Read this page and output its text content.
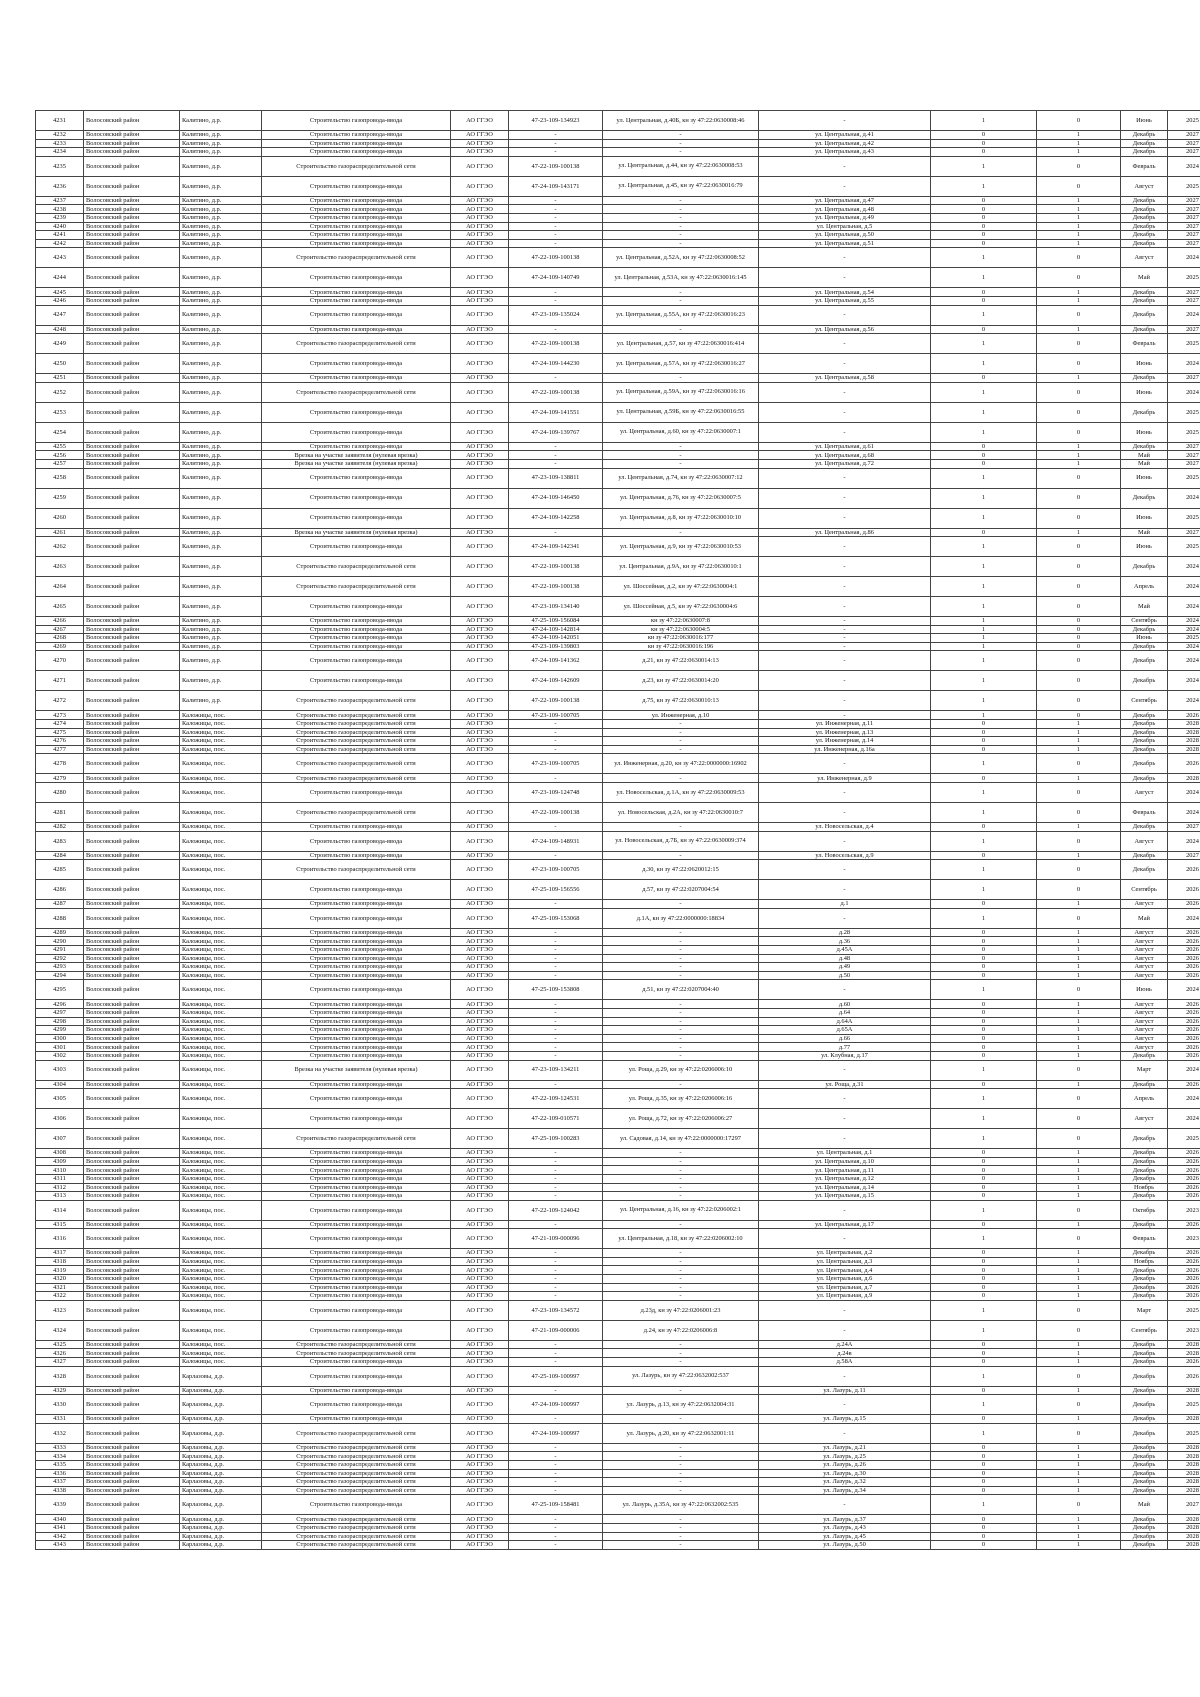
4231	Волосовский район	Калитино, д.р.	Строительство газопровода-ввода	АО ГГЭО	47-23-109-134923	ул. Центральная, д.40Б, кн зу 47:22:0630008:46	-	1	0	Июнь	2025
4232	Волосовский район	Калитино, д.р.	Строительство газопровода-ввода	АО ГГЭО	-	-	ул. Центральная, д.41	0	1	Декабрь	2027
4233	Волосовский район	Калитино, д.р.	Строительство газопровода-ввода	АО ГГЭО	-	-	ул. Центральная, д.42	0	1	Декабрь	2027
4234	Волосовский район	Калитино, д.р.	Строительство газопровода-ввода	АО ГГЭО	-	-	ул. Центральная, д.43	0	1	Декабрь	2027
4235	Волосовский район	Калитино, д.р.	Строительство газораспределительной сети	АО ГГЭО	47-22-109-100138	ул. Центральная, д.44, кн зу 47:22:0630008:53	-	1	0	Февраль	2024
4236	Волосовский район	Калитино, д.р.	Строительство газопровода-ввода	АО ГГЭО	47-24-109-143171	ул. Центральная, д.45, кн зу 47:22:0630016:79	-	1	0	Август	2025
4237	Волосовский район	Калитино, д.р.	Строительство газопровода-ввода	АО ГГЭО	-	-	ул. Центральная, д.47	0	1	Декабрь	2027
4238	Волосовский район	Калитино, д.р.	Строительство газопровода-ввода	АО ГГЭО	-	-	ул. Центральная, д.48	0	1	Декабрь	2027
4239	Волосовский район	Калитино, д.р.	Строительство газопровода-ввода	АО ГГЭО	-	-	ул. Центральная, д.49	0	1	Декабрь	2027
4240	Волосовский район	Калитино, д.р.	Строительство газопровода-ввода	АО ГГЭО	-	-	ул. Центральная, д.5	0	1	Декабрь	2027
4241	Волосовский район	Калитино, д.р.	Строительство газопровода-ввода	АО ГГЭО	-	-	ул. Центральная, д.50	0	1	Декабрь	2027
4242	Волосовский район	Калитино, д.р.	Строительство газопровода-ввода	АО ГГЭО	-	-	ул. Центральная, д.51	0	1	Декабрь	2027
4243	Волосовский район	Калитино, д.р.	Строительство газораспределительной сети	АО ГГЭО	47-22-109-100138	ул. Центральная, д.52А, кн зу 47:22:0630008:52	-	1	0	Август	2024
4244	Волосовский район	Калитино, д.р.	Строительство газопровода-ввода	АО ГГЭО	47-24-109-140749	ул. Центральная, д.53А, кн зу 47:22:0630016:145	-	1	0	Май	2025
4245	Волосовский район	Калитино, д.р.	Строительство газопровода-ввода	АО ГГЭО	-	-	ул. Центральная, д.54	0	1	Декабрь	2027
4246	Волосовский район	Калитино, д.р.	Строительство газопровода-ввода	АО ГГЭО	-	-	ул. Центральная, д.55	0	1	Декабрь	2027
4247	Волосовский район	Калитино, д.р.	Строительство газопровода-ввода	АО ГГЭО	47-23-109-135024	ул. Центральная, д.55А, кн зу 47:22:0630016:23	-	1	0	Декабрь	2024
4248	Волосовский район	Калитино, д.р.	Строительство газопровода-ввода	АО ГГЭО	-	-	ул. Центральная, д.56	0	1	Декабрь	2027
4249	Волосовский район	Калитино, д.р.	Строительство газораспределительной сети	АО ГГЭО	47-22-109-100138	ул. Центральная, д.57, кн зу 47:22:0630016:414	-	1	0	Февраль	2025
4250	Волосовский район	Калитино, д.р.	Строительство газопровода-ввода	АО ГГЭО	47-24-109-144230	ул. Центральная, д.57А, кн зу 47:22:0630016:27	-	1	0	Июнь	2024
4251	Волосовский район	Калитино, д.р.	Строительство газопровода-ввода	АО ГГЭО	-	-	ул. Центральная, д.58	0	1	Декабрь	2027
4252	Волосовский район	Калитино, д.р.	Строительство газораспределительной сети	АО ГГЭО	47-22-109-100138	ул. Центральная, д.59А, кн зу 47:22:0630016:16	-	1	0	Июнь	2024
4253	Волосовский район	Калитино, д.р.	Строительство газопровода-ввода	АО ГГЭО	47-24-109-141551	ул. Центральная, д.59Б, кн зу 47:22:0630016:55	-	1	0	Декабрь	2025
4254	Волосовский район	Калитино, д.р.	Строительство газопровода-ввода	АО ГГЭО	47-24-109-139767	ул. Центральная, д.60, кн зу 47:22:0630007:1	-	1	0	Июнь	2025
4255	Волосовский район	Калитино, д.р.	Строительство газопровода-ввода	АО ГГЭО	-	-	ул. Центральная, д.61	0	1	Декабрь	2027
4256	Волосовский район	Калитино, д.р.	Врезка на участке заявителя (нулевая врезка)	АО ГГЭО	-	-	ул. Центральная, д.68	0	1	Май	2027
4257	Волосовский район	Калитино, д.р.	Врезка на участке заявителя (нулевая врезка)	АО ГГЭО	-	-	ул. Центральная, д.72	0	1	Май	2027
4258	Волосовский район	Калитино, д.р.	Строительство газопровода-ввода	АО ГГЭО	47-23-109-138811	ул. Центральная, д.74, кн зу 47:22:0630007:12	-	1	0	Июнь	2025
4259	Волосовский район	Калитино, д.р.	Строительство газопровода-ввода	АО ГГЭО	47-24-109-146450	ул. Центральная, д.76, кн зу 47:22:0630007:5	-	1	0	Декабрь	2024
4260	Волосовский район	Калитино, д.р.	Строительство газопровода-ввода	АО ГГЭО	47-24-109-142258	ул. Центральная, д.8, кн зу 47:22:0630010:10	-	1	0	Июнь	2025
4261	Волосовский район	Калитино, д.р.	Врезка на участке заявителя (нулевая врезка)	АО ГГЭО	-	-	ул. Центральная, д.86	0	1	Май	2027
4262	Волосовский район	Калитино, д.р.	Строительство газопровода-ввода	АО ГГЭО	47-24-109-142341	ул. Центральная, д.9, кн зу 47:22:0630010:53	-	1	0	Июнь	2025
4263	Волосовский район	Калитино, д.р.	Строительство газораспределительной сети	АО ГГЭО	47-22-109-100138	ул. Центральная, д.9А, кн зу 47:22:0630010:1	-	1	0	Декабрь	2024
4264	Волосовский район	Калитино, д.р.	Строительство газораспределительной сети	АО ГГЭО	47-22-109-100138	ул. Шоссейная, д.2, кн зу 47:22:0630004:1	-	1	0	Апрель	2024
4265	Волосовский район	Калитино, д.р.	Строительство газопровода-ввода	АО ГГЭО	47-23-109-134140	ул. Шоссейная, д.5, кн зу 47:22:0630004:6	-	1	0	Май	2024
4266	Волосовский район	Калитино, д.р.	Строительство газопровода-ввода	АО ГГЭО	47-25-109-156084	кн зу 47:22:0630007:8	-	1	0	Сентябрь	2024
4267	Волосовский район	Калитино, д.р.	Строительство газопровода-ввода	АО ГГЭО	47-24-109-142814	кн зу 47:22:0630004:5	-	1	0	Декабрь	2024
4268	Волосовский район	Калитино, д.р.	Строительство газопровода-ввода	АО ГГЭО	47-24-109-142051	кн зу 47:22:0630016:177	-	1	0	Июнь	2025
4269	Волосовский район	Калитино, д.р.	Строительство газопровода-ввода	АО ГГЭО	47-23-109-139803	кн зу 47:22:0630016:196	-	1	0	Декабрь	2024
4270	Волосовский район	Калитино, д.р.	Строительство газопровода-ввода	АО ГГЭО	47-24-109-141362	д.21, кн зу 47:22:0630014:13	-	1	0	Декабрь	2024
4271	Волосовский район	Калитино, д.р.	Строительство газопровода-ввода	АО ГГЭО	47-24-109-142609	д.23, кн зу 47:22:0630014:20	-	1	0	Декабрь	2024
4272	Волосовский район	Калитино, д.р.	Строительство газораспределительной сети	АО ГГЭО	47-22-109-100138	д.75, кн зу 47:22:0630010:13	-	1	0	Сентябрь	2024
4273	Волосовский район	Каложицы, пос.	Строительство газораспределительной сети	АО ГГЭО	47-23-109-100705	ул. Инженерная, д.10	-	1	0	Декабрь	2026
4274	Волосовский район	Каложицы, пос.	Строительство газораспределительной сети	АО ГГЭО	-	-	ул. Инженерная, д.11	0	1	Декабрь	2028
4275	Волосовский район	Каложицы, пос.	Строительство газораспределительной сети	АО ГГЭО	-	-	ул. Инженерная, д.13	0	1	Декабрь	2028
4276	Волосовский район	Каложицы, пос.	Строительство газораспределительной сети	АО ГГЭО	-	-	ул. Инженерная, д.14	0	1	Декабрь	2028
4277	Волосовский район	Каложицы, пос.	Строительство газораспределительной сети	АО ГГЭО	-	-	ул. Инженерная, д.16а	0	1	Декабрь	2028
4278	Волосовский район	Каложицы, пос.	Строительство газораспределительной сети	АО ГГЭО	47-23-109-100705	ул. Инженерная, д.20, кн зу 47:22:0000000:16902	-	1	0	Декабрь	2026
4279	Волосовский район	Каложицы, пос.	Строительство газораспределительной сети	АО ГГЭО	-	-	ул. Инженерная, д.9	0	1	Декабрь	2028
4280	Волосовский район	Каложицы, пос.	Строительство газопровода-ввода	АО ГГЭО	47-23-109-124748	ул. Новосельская, д.1А, кн зу 47:22:0630009:53	-	1	0	Август	2024
4281	Волосовский район	Каложицы, пос.	Строительство газораспределительной сети	АО ГГЭО	47-22-109-100138	ул. Новосельская, д.2А, кн зу 47:22:0630010:7	-	1	0	Февраль	2024
4282	Волосовский район	Каложицы, пос.	Строительство газопровода-ввода	АО ГГЭО	-	-	ул. Новосельская, д.4	0	1	Декабрь	2027
4283	Волосовский район	Каложицы, пос.	Строительство газопровода-ввода	АО ГГЭО	47-24-109-148931	ул. Новосельская, д.7Б, кн зу 47:22:0630009:374	-	1	0	Август	2024
4284	Волосовский район	Каложицы, пос.	Строительство газопровода-ввода	АО ГГЭО	-	-	ул. Новосельская, д.9	0	1	Декабрь	2027
4285	Волосовский район	Каложицы, пос.	Строительство газораспределительной сети	АО ГГЭО	47-23-109-100705	д.30, кн зу 47:22:0620012:15	-	1	0	Декабрь	2026
4286	Волосовский район	Каложицы, пос.	Строительство газопровода-ввода	АО ГГЭО	47-25-109-156556	д.57, кн зу 47:22:0207004:54	-	1	0	Сентябрь	2026
4287	Волосовский район	Каложицы, пос.	Строительство газопровода-ввода	АО ГГЭО	-	-	д.1	0	1	Август	2026
4288	Волосовский район	Каложицы, пос.	Строительство газопровода-ввода	АО ГГЭО	47-25-109-153068	д.1А, кн зу 47:22:0000000:18834	-	1	0	Май	2024
4289	Волосовский район	Каложицы, пос.	Строительство газопровода-ввода	АО ГГЭО	-	-	д.28	0	1	Август	2026
4290	Волосовский район	Каложицы, пос.	Строительство газопровода-ввода	АО ГГЭО	-	-	д.36	0	1	Август	2026
4291	Волосовский район	Каложицы, пос.	Строительство газопровода-ввода	АО ГГЭО	-	-	д.45А	0	1	Август	2026
4292	Волосовский район	Каложицы, пос.	Строительство газопровода-ввода	АО ГГЭО	-	-	д.48	0	1	Август	2026
4293	Волосовский район	Каложицы, пос.	Строительство газопровода-ввода	АО ГГЭО	-	-	д.49	0	1	Август	2026
4294	Волосовский район	Каложицы, пос.	Строительство газопровода-ввода	АО ГГЭО	-	-	д.50	0	1	Август	2026
4295	Волосовский район	Каложицы, пос.	Строительство газопровода-ввода	АО ГГЭО	47-25-109-153808	д.51, кн зу 47:22:0207004:40	-	1	0	Июнь	2024
4296	Волосовский район	Каложицы, пос.	Строительство газопровода-ввода	АО ГГЭО	-	-	д.60	0	1	Август	2026
4297	Волосовский район	Каложицы, пос.	Строительство газопровода-ввода	АО ГГЭО	-	-	д.64	0	1	Август	2026
4298	Волосовский район	Каложицы, пос.	Строительство газопровода-ввода	АО ГГЭО	-	-	д.64А	0	1	Август	2026
4299	Волосовский район	Каложицы, пос.	Строительство газопровода-ввода	АО ГГЭО	-	-	д.65А	0	1	Август	2026
4300	Волосовский район	Каложицы, пос.	Строительство газопровода-ввода	АО ГГЭО	-	-	д.66	0	1	Август	2026
4301	Волосовский район	Каложицы, пос.	Строительство газопровода-ввода	АО ГГЭО	-	-	д.77	0	1	Август	2026
4302	Волосовский район	Каложицы, пос.	Строительство газопровода-ввода	АО ГГЭО	-	-	ул. Клубная, д.17	0	1	Декабрь	2026
4303	Волосовский район	Каложицы, пос.	Врезка на участке заявителя (нулевая врезка)	АО ГГЭО	47-23-109-134211	ул. Роща, д.29, кн зу 47:22:0206006:10	-	1	0	Март	2024
4304	Волосовский район	Каложицы, пос.	Строительство газопровода-ввода	АО ГГЭО	-	-	ул. Роща, д.31	0	1	Декабрь	2026
4305	Волосовский район	Каложицы, пос.	Строительство газопровода-ввода	АО ГГЭО	47-22-109-124531	ул. Роща, д.35, кн зу 47:22:0206006:16	-	1	0	Апрель	2024
4306	Волосовский район	Каложицы, пос.	Строительство газопровода-ввода	АО ГГЭО	47-22-109-010571	ул. Роща, д.72, кн зу 47:22:0206006:27	-	1	0	Август	2024
4307	Волосовский район	Каложицы, пос.	Строительство газораспределительной сети	АО ГГЭО	47-25-109-100283	ул. Садовая, д.14, кн зу 47:22:0000000:17297	-	1	0	Декабрь	2025
4308	Волосовский район	Каложицы, пос.	Строительство газопровода-ввода	АО ГГЭО	-	-	ул. Центральная, д.1	0	1	Декабрь	2026
4309	Волосовский район	Каложицы, пос.	Строительство газопровода-ввода	АО ГГЭО	-	-	ул. Центральная, д.10	0	1	Декабрь	2026
4310	Волосовский район	Каложицы, пос.	Строительство газопровода-ввода	АО ГГЭО	-	-	ул. Центральная, д.11	0	1	Декабрь	2026
4311	Волосовский район	Каложицы, пос.	Строительство газопровода-ввода	АО ГГЭО	-	-	ул. Центральная, д.12	0	1	Декабрь	2026
4312	Волосовский район	Каложицы, пос.	Строительство газопровода-ввода	АО ГГЭО	-	-	ул. Центральная, д.14	0	1	Ноябрь	2026
4313	Волосовский район	Каложицы, пос.	Строительство газопровода-ввода	АО ГГЭО	-	-	ул. Центральная, д.15	0	1	Декабрь	2026
4314	Волосовский район	Каложицы, пос.	Строительство газопровода-ввода	АО ГГЭО	47-22-109-124042	ул. Центральная, д.16, кн зу 47:22:0206002:1	-	1	0	Октябрь	2023
4315	Волосовский район	Каложицы, пос.	Строительство газопровода-ввода	АО ГГЭО	-	-	ул. Центральная, д.17	0	1	Декабрь	2026
4316	Волосовский район	Каложицы, пос.	Строительство газопровода-ввода	АО ГГЭО	47-21-109-000096	ул. Центральная, д.18, кн зу 47:22:0206002:10	-	1	0	Февраль	2023
4317	Волосовский район	Каложицы, пос.	Строительство газопровода-ввода	АО ГГЭО	-	-	ул. Центральная, д.2	0	1	Декабрь	2026
4318	Волосовский район	Каложицы, пос.	Строительство газопровода-ввода	АО ГГЭО	-	-	ул. Центральная, д.3	0	1	Ноябрь	2026
4319	Волосовский район	Каложицы, пос.	Строительство газопровода-ввода	АО ГГЭО	-	-	ул. Центральная, д.4	0	1	Декабрь	2026
4320	Волосовский район	Каложицы, пос.	Строительство газопровода-ввода	АО ГГЭО	-	-	ул. Центральная, д.6	0	1	Декабрь	2026
4321	Волосовский район	Каложицы, пос.	Строительство газопровода-ввода	АО ГГЭО	-	-	ул. Центральная, д.7	0	1	Декабрь	2026
4322	Волосовский район	Каложицы, пос.	Строительство газопровода-ввода	АО ГГЭО	-	-	ул. Центральная, д.9	0	1	Декабрь	2026
4323	Волосовский район	Каложицы, пос.	Строительство газопровода-ввода	АО ГГЭО	47-23-109-134572	д.23д, кн зу 47:22:0206001:23	-	1	0	Март	2025
4324	Волосовский район	Каложицы, пос.	Строительство газопровода-ввода	АО ГГЭО	47-21-109-000006	д.24, кн зу 47:22:0206006:8	-	1	0	Сентябрь	2023
4325	Волосовский район	Каложицы, пос.	Строительство газораспределительной сети	АО ГГЭО	-	-	д.24А	0	1	Декабрь	2028
4326	Волосовский район	Каложицы, пос.	Строительство газораспределительной сети	АО ГГЭО	-	-	д.24в	0	1	Декабрь	2028
4327	Волосовский район	Каложицы, пос.	Строительство газопровода-ввода	АО ГГЭО	-	-	д.58А	0	1	Декабрь	2026
4328	Волосовский район	Карлазовы, д.р.	Строительство газопровода-ввода	АО ГГЭО	47-25-109-100997	ул. Лазурь, кн зу 47:22:0632002:537	-	1	0	Декабрь	2026
4329	Волосовский район	Карлазовы, д.р.	Строительство газопровода-ввода	АО ГГЭО	-	-	ул. Лазурь, д.11	0	1	Декабрь	2028
4330	Волосовский район	Карлазовы, д.р.	Строительство газопровода-ввода	АО ГГЭО	47-24-109-100997	ул. Лазурь, д.13, кн зу 47:22:0632004:31	-	1	0	Декабрь	2025
4331	Волосовский район	Карлазовы, д.р.	Строительство газопровода-ввода	АО ГГЭО	-	-	ул. Лазурь, д.15	0	1	Декабрь	2028
4332	Волосовский район	Карлазовы, д.р.	Строительство газораспределительной сети	АО ГГЭО	47-24-109-100997	ул. Лазурь, д.20, кн зу 47:22:0632001:11	-	1	0	Декабрь	2025
4333	Волосовский район	Карлазовы, д.р.	Строительство газораспределительной сети	АО ГГЭО	-	-	ул. Лазурь, д.21	0	1	Декабрь	2028
4334	Волосовский район	Карлазовы, д.р.	Строительство газораспределительной сети	АО ГГЭО	-	-	ул. Лазурь, д.25	0	1	Декабрь	2028
4335	Волосовский район	Карлазовы, д.р.	Строительство газораспределительной сети	АО ГГЭО	-	-	ул. Лазурь, д.26	0	1	Декабрь	2028
4336	Волосовский район	Карлазовы, д.р.	Строительство газораспределительной сети	АО ГГЭО	-	-	ул. Лазурь, д.30	0	1	Декабрь	2028
4337	Волосовский район	Карлазовы, д.р.	Строительство газораспределительной сети	АО ГГЭО	-	-	ул. Лазурь, д.32	0	1	Декабрь	2028
4338	Волосовский район	Карлазовы, д.р.	Строительство газораспределительной сети	АО ГГЭО	-	-	ул. Лазурь, д.34	0	1	Декабрь	2028
4339	Волосовский район	Карлазовы, д.р.	Строительство газопровода-ввода	АО ГГЭО	47-25-109-158481	ул. Лазурь, д.35А, кн зу 47:22:0632002:535	-	1	0	Май	2027
4340	Волосовский район	Карлазовы, д.р.	Строительство газораспределительной сети	АО ГГЭО	-	-	ул. Лазурь, д.37	0	1	Декабрь	2028
4341	Волосовский район	Карлазовы, д.р.	Строительство газораспределительной сети	АО ГГЭО	-	-	ул. Лазурь, д.43	0	1	Декабрь	2028
4342	Волосовский район	Карлазовы, д.р.	Строительство газораспределительной сети	АО ГГЭО	-	-	ул. Лазурь, д.45	0	1	Декабрь	2028
4343	Волосовский район	Карлазовы, д.р.	Строительство газораспределительной сети	АО ГГЭО	-	-	ул. Лазурь, д.50	0	1	Декабрь	2028
